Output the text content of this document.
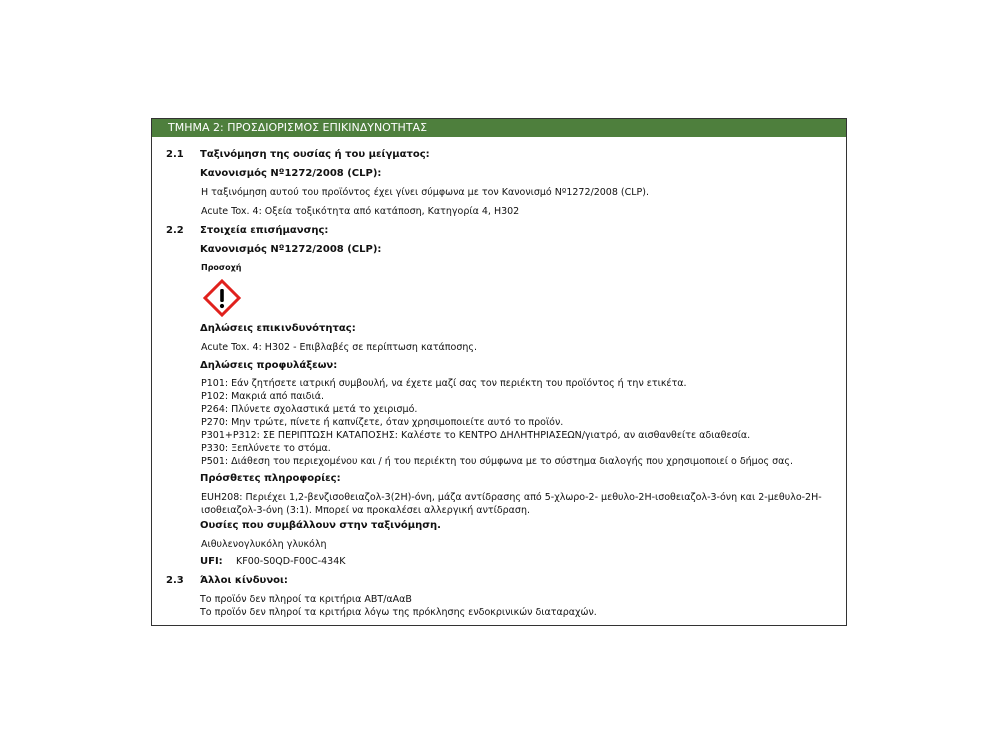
ΤΜΗΜΑ 2: ΠΡΟΣΔΙΟΡΙΣΜΟΣ ΕΠΙΚΙΝΔΥΝΟΤΗΤΑΣ
2.1 Ταξινόμηση της ουσίας ή του μείγματος:
Κανονισμός Nº1272/2008 (CLP):
Η ταξινόμηση αυτού του προϊόντος έχει γίνει σύμφωνα με τον Κανονισμό Nº1272/2008 (CLP).
Acute Tox. 4: Οξεία τοξικότητα από κατάποση, Κατηγορία 4, H302
2.2 Στοιχεία επισήμανσης:
Κανονισμός Nº1272/2008 (CLP):
Προσοχή
Δηλώσεις επικινδυνότητας:
Acute Tox. 4: H302 - Επιβλαβές σε περίπτωση κατάποσης.
Δηλώσεις προφυλάξεων:
P101: Εάν ζητήσετε ιατρική συμβουλή, να έχετε μαζί σας τον περιέκτη του προϊόντος ή την ετικέτα.
P102: Μακριά από παιδιά.
P264: Πλύνετε σχολαστικά μετά το χειρισμό.
P270: Μην τρώτε, πίνετε ή καπνίζετε, όταν χρησιμοποιείτε αυτό το προϊόν.
P301+P312: ΣΕ ΠΕΡΙΠΤΩΣΗ ΚΑΤΑΠΟΣΗΣ: Καλέστε το ΚΕΝΤΡΟ ΔΗΛΗΤΗΡΙΑΣΕΩΝ/γιατρό, αν αισθανθείτε αδιαθεσία.
P330: Ξεπλύνετε το στόμα.
P501: Διάθεση του περιεχομένου και / ή του περιέκτη του σύμφωνα με το σύστημα διαλογής που χρησιμοποιεί ο δήμος σας.
Πρόσθετες πληροφορίες:
EUH208: Περιέχει 1,2-βενζισοθειαζολ-3(2H)-όνη, μάζα αντίδρασης από 5-χλωρο-2- μεθυλο-2Η-ισοθειαζολ-3-όνη και 2-μεθυλο-2Η-
ισοθειαζολ-3-όνη (3:1). Μπορεί να προκαλέσει αλλεργική αντίδραση.
Ουσίες που συμβάλλουν στην ταξινόμηση.
Αιθυλενογλυκόλη γλυκόλη
UFI: KF00-S0QD-F00C-434K
2.3 Άλλοι κίνδυνοι:
Το προϊόν δεν πληροί τα κριτήρια ABT/αΑαΒ
Το προϊόν δεν πληροί τα κριτήρια λόγω της πρόκλησης ενδοκρινικών διαταραχών.
